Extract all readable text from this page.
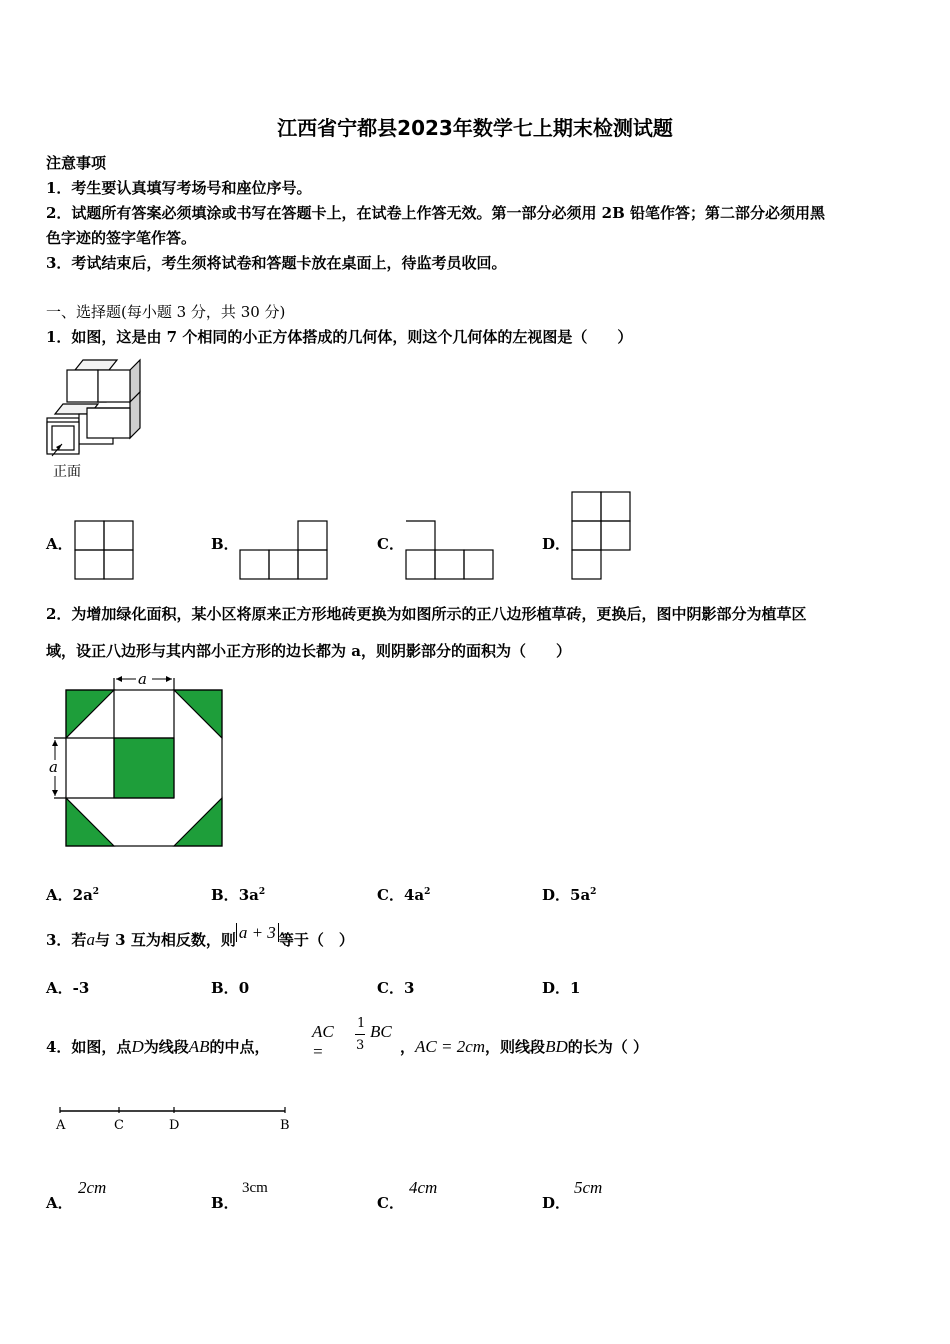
江西省宁都县2023年数学七上期末检测试题
注意事项
1．考生要认真填写考场号和座位序号。
2．试题所有答案必须填涂或书写在答题卡上，在试卷上作答无效。第一部分必须用 2B 铅笔作答；第二部分必须用黑
色字迹的签字笔作答。
3．考试结束后，考生须将试卷和答题卡放在桌面上，待监考员收回。
一、选择题(每小题 3 分，共 30 分)
1．如图，这是由 7 个相同的小正方体搭成的几何体，则这个几何体的左视图是（　　）
正面
A．	B．	C．	D．
2．为增加绿化面积，某小区将原来正方形地砖更换为如图所示的正八边形植草砖，更换后，图中阴影部分为植草区
域，设正八边形与其内部小正方形的边长都为 a，则阴影部分的面积为（　　）
a
a
A．$2a^2$	B．$3a^2$	C．$4a^2$	D．$5a^2$
3．若a与 3 互为相反数，则 a + 3 等于（　）
A．-3	B．0	C．3	D．1
4．如图，点D为线段AB的中点，
AC =
1
3
BC
，AC = 2cm，则线段BD的长为（ ）
A	C	D	B
A．
2cm
B．
3cm
C．
4cm
D．
5cm
